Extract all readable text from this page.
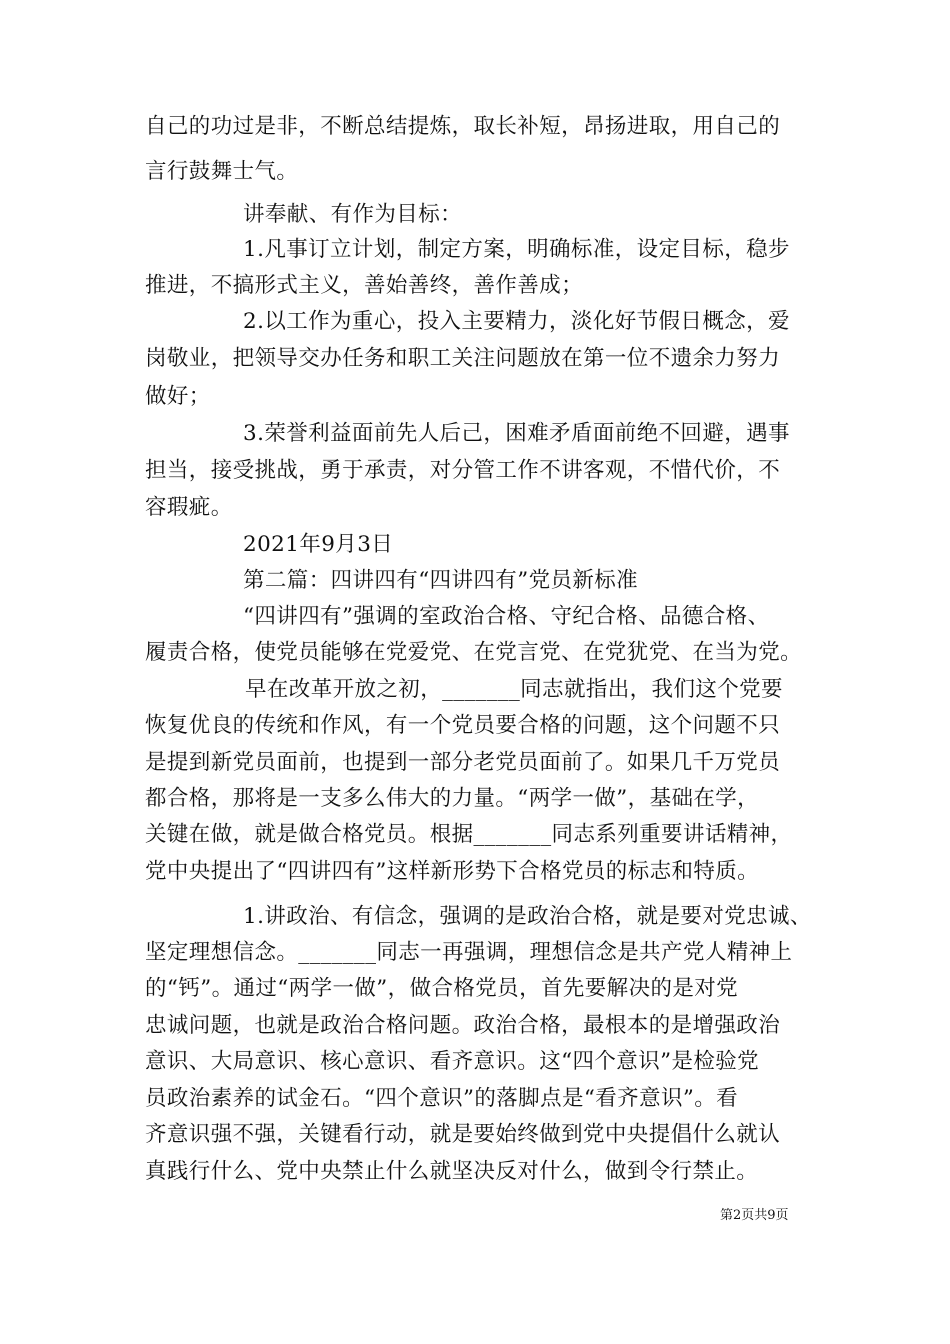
自己的功过是非，不断总结提炼，取长补短，昂扬进取，用自己的
言行鼓舞士气。
讲奉献、有作为目标：
1.凡事订立计划，制定方案，明确标准，设定目标，稳步
推进，不搞形式主义，善始善终，善作善成；
2.以工作为重心，投入主要精力，淡化好节假日概念，爱
岗敬业，把领导交办任务和职工关注问题放在第一位不遗余力努力
做好；
3.荣誉利益面前先人后己，困难矛盾面前绝不回避，遇事
担当，接受挑战，勇于承责，对分管工作不讲客观，不惜代价，不
容瑕疵。
2021年9月3日
第二篇：四讲四有“四讲四有”党员新标准
“四讲四有”强调的室政治合格、守纪合格、品德合格、
履责合格，使党员能够在党爱党、在党言党、在党犹党、在当为党。
早在改革开放之初，_______同志就指出，我们这个党要
恢复优良的传统和作风，有一个党员要合格的问题，这个问题不只
是提到新党员面前，也提到一部分老党员面前了。如果几千万党员
都合格，那将是一支多么伟大的力量。“两学一做”，基础在学，
关键在做，就是做合格党员。根据_______同志系列重要讲话精神，
党中央提出了“四讲四有”这样新形势下合格党员的标志和特质。
1.讲政治、有信念，强调的是政治合格，就是要对党忠诚、
坚定理想信念。_______同志一再强调，理想信念是共产党人精神上
的“钙”。通过“两学一做”，做合格党员，首先要解决的是对党
忠诚问题，也就是政治合格问题。政治合格，最根本的是增强政治
意识、大局意识、核心意识、看齐意识。这“四个意识”是检验党
员政治素养的试金石。“四个意识”的落脚点是“看齐意识”。看
齐意识强不强，关键看行动，就是要始终做到党中央提倡什么就认
真践行什么、党中央禁止什么就坚决反对什么，做到令行禁止。
第2页共9页
